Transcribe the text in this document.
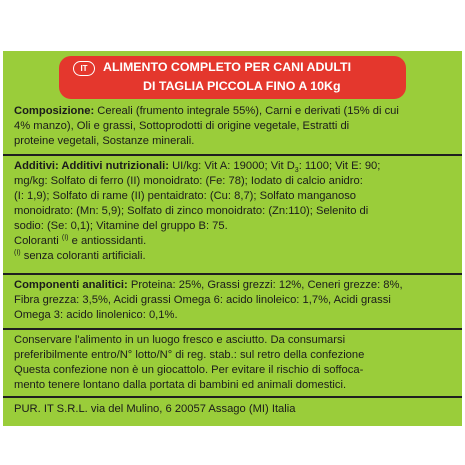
IT	ALIMENTO COMPLETO PER CANI ADULTI
DI TAGLIA PICCOLA FINO A 10Kg
Composizione: Cereali (frumento integrale 55%), Carni e derivati (15% di cui
4% manzo), Oli e grassi, Sottoprodotti di origine vegetale, Estratti di
proteine vegetali, Sostanze minerali.
Additivi: Additivi nutrizionali: UI/kg: Vit A: 19000; Vit $D_3$: 1100; Vit E: 90;
mg/kg: Solfato di ferro (II) monoidrato: (Fe: 78); Iodato di calcio anidro:
(I: 1,9); Solfato di rame (II) pentaidrato: (Cu: 8,7); Solfato manganoso
monoidrato: (Mn: 5,9); Solfato di zinco monoidrato: (Zn:110); Selenito di
sodio: (Se: 0,1); Vitamine del gruppo B: 75.
Coloranti $^{(I)}$ e antiossidanti.
$^{(I)}$ senza coloranti artificiali.
Componenti analitici: Proteina: 25%, Grassi grezzi: 12%, Ceneri grezze: 8%,
Fibra grezza: 3,5%, Acidi grassi Omega 6: acido linoleico: 1,7%, Acidi grassi
Omega 3: acido linolenico: 0,1%.
Conservare l'alimento in un luogo fresco e asciutto. Da consumarsi
preferibilmente entro/N° lotto/N° di reg. stab.: sul retro della confezione
Questa confezione non è un giocattolo. Per evitare il rischio di soffoca-
mento tenere lontano dalla portata di bambini ed animali domestici.
PUR. IT S.R.L. via del Mulino, 6 20057 Assago (MI) Italia
